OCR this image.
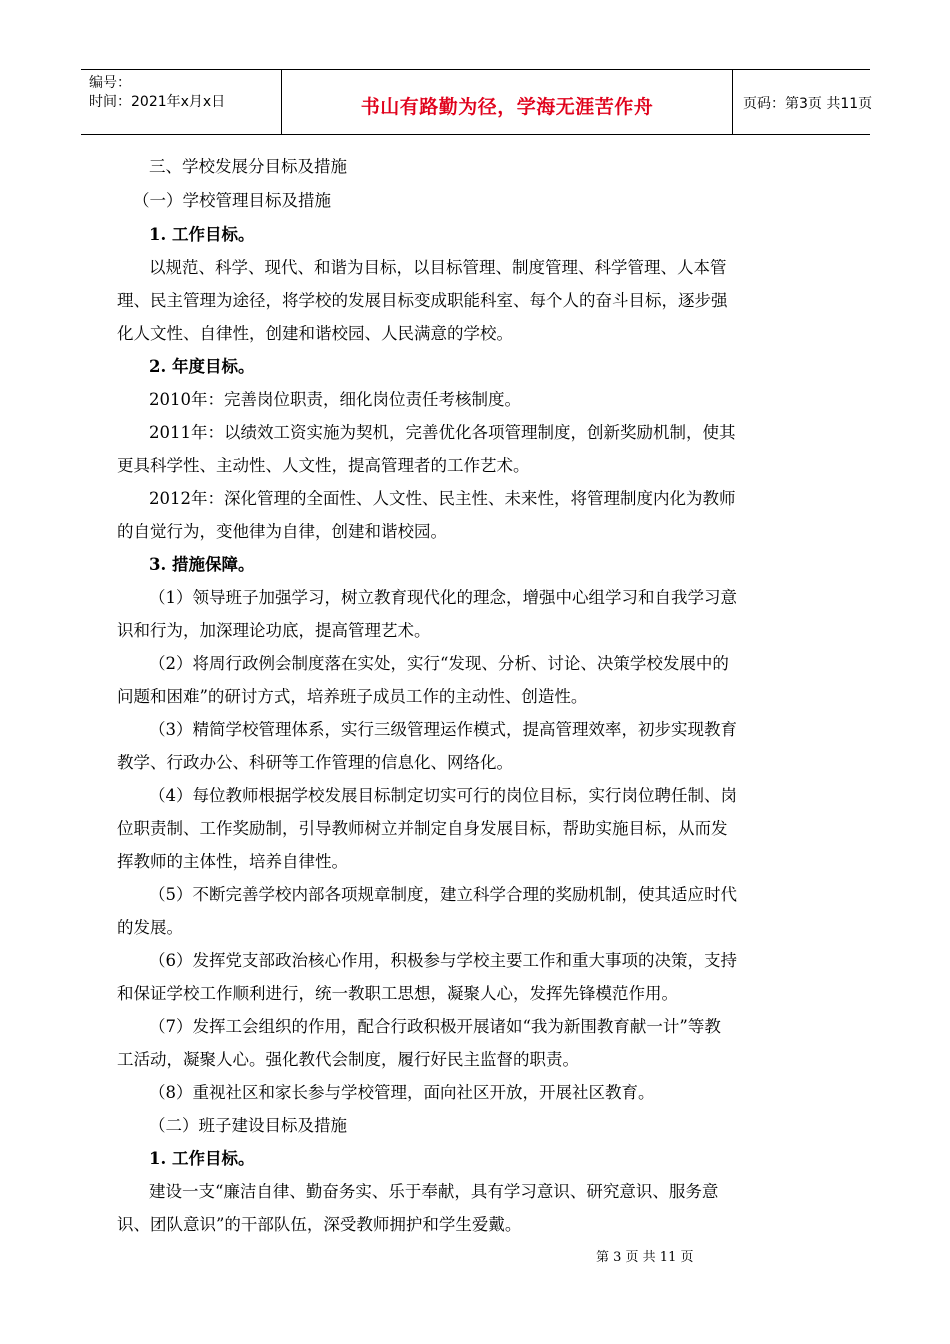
编号：
时间：2021年x月x日	书山有路勤为径，学海无涯苦作舟	页码：第3页 共11页
三、学校发展分目标及措施
（一）学校管理目标及措施
1. 工作目标。
以规范、科学、现代、和谐为目标，以目标管理、制度管理、科学管理、人本管
理、民主管理为途径，将学校的发展目标变成职能科室、每个人的奋斗目标，逐步强
化人文性、自律性，创建和谐校园、人民满意的学校。
2. 年度目标。
2010年：完善岗位职责，细化岗位责任考核制度。
2011年：以绩效工资实施为契机，完善优化各项管理制度，创新奖励机制，使其
更具科学性、主动性、人文性，提高管理者的工作艺术。
2012年：深化管理的全面性、人文性、民主性、未来性，将管理制度内化为教师
的自觉行为，变他律为自律，创建和谐校园。
3. 措施保障。
（1）领导班子加强学习，树立教育现代化的理念，增强中心组学习和自我学习意
识和行为，加深理论功底，提高管理艺术。
（2）将周行政例会制度落在实处，实行“发现、分析、讨论、决策学校发展中的
问题和困难”的研讨方式，培养班子成员工作的主动性、创造性。
（3）精简学校管理体系，实行三级管理运作模式，提高管理效率，初步实现教育
教学、行政办公、科研等工作管理的信息化、网络化。
（4）每位教师根据学校发展目标制定切实可行的岗位目标，实行岗位聘任制、岗
位职责制、工作奖励制，引导教师树立并制定自身发展目标，帮助实施目标，从而发
挥教师的主体性，培养自律性。
（5）不断完善学校内部各项规章制度，建立科学合理的奖励机制，使其适应时代
的发展。
（6）发挥党支部政治核心作用，积极参与学校主要工作和重大事项的决策，支持
和保证学校工作顺利进行，统一教职工思想，凝聚人心，发挥先锋模范作用。
（7）发挥工会组织的作用，配合行政积极开展诸如“我为新围教育献一计”等教
工活动，凝聚人心。强化教代会制度，履行好民主监督的职责。
（8）重视社区和家长参与学校管理，面向社区开放，开展社区教育。
（二）班子建设目标及措施
1. 工作目标。
建设一支“廉洁自律、勤奋务实、乐于奉献，具有学习意识、研究意识、服务意
识、团队意识”的干部队伍，深受教师拥护和学生爱戴。
第 3 页 共 11 页
